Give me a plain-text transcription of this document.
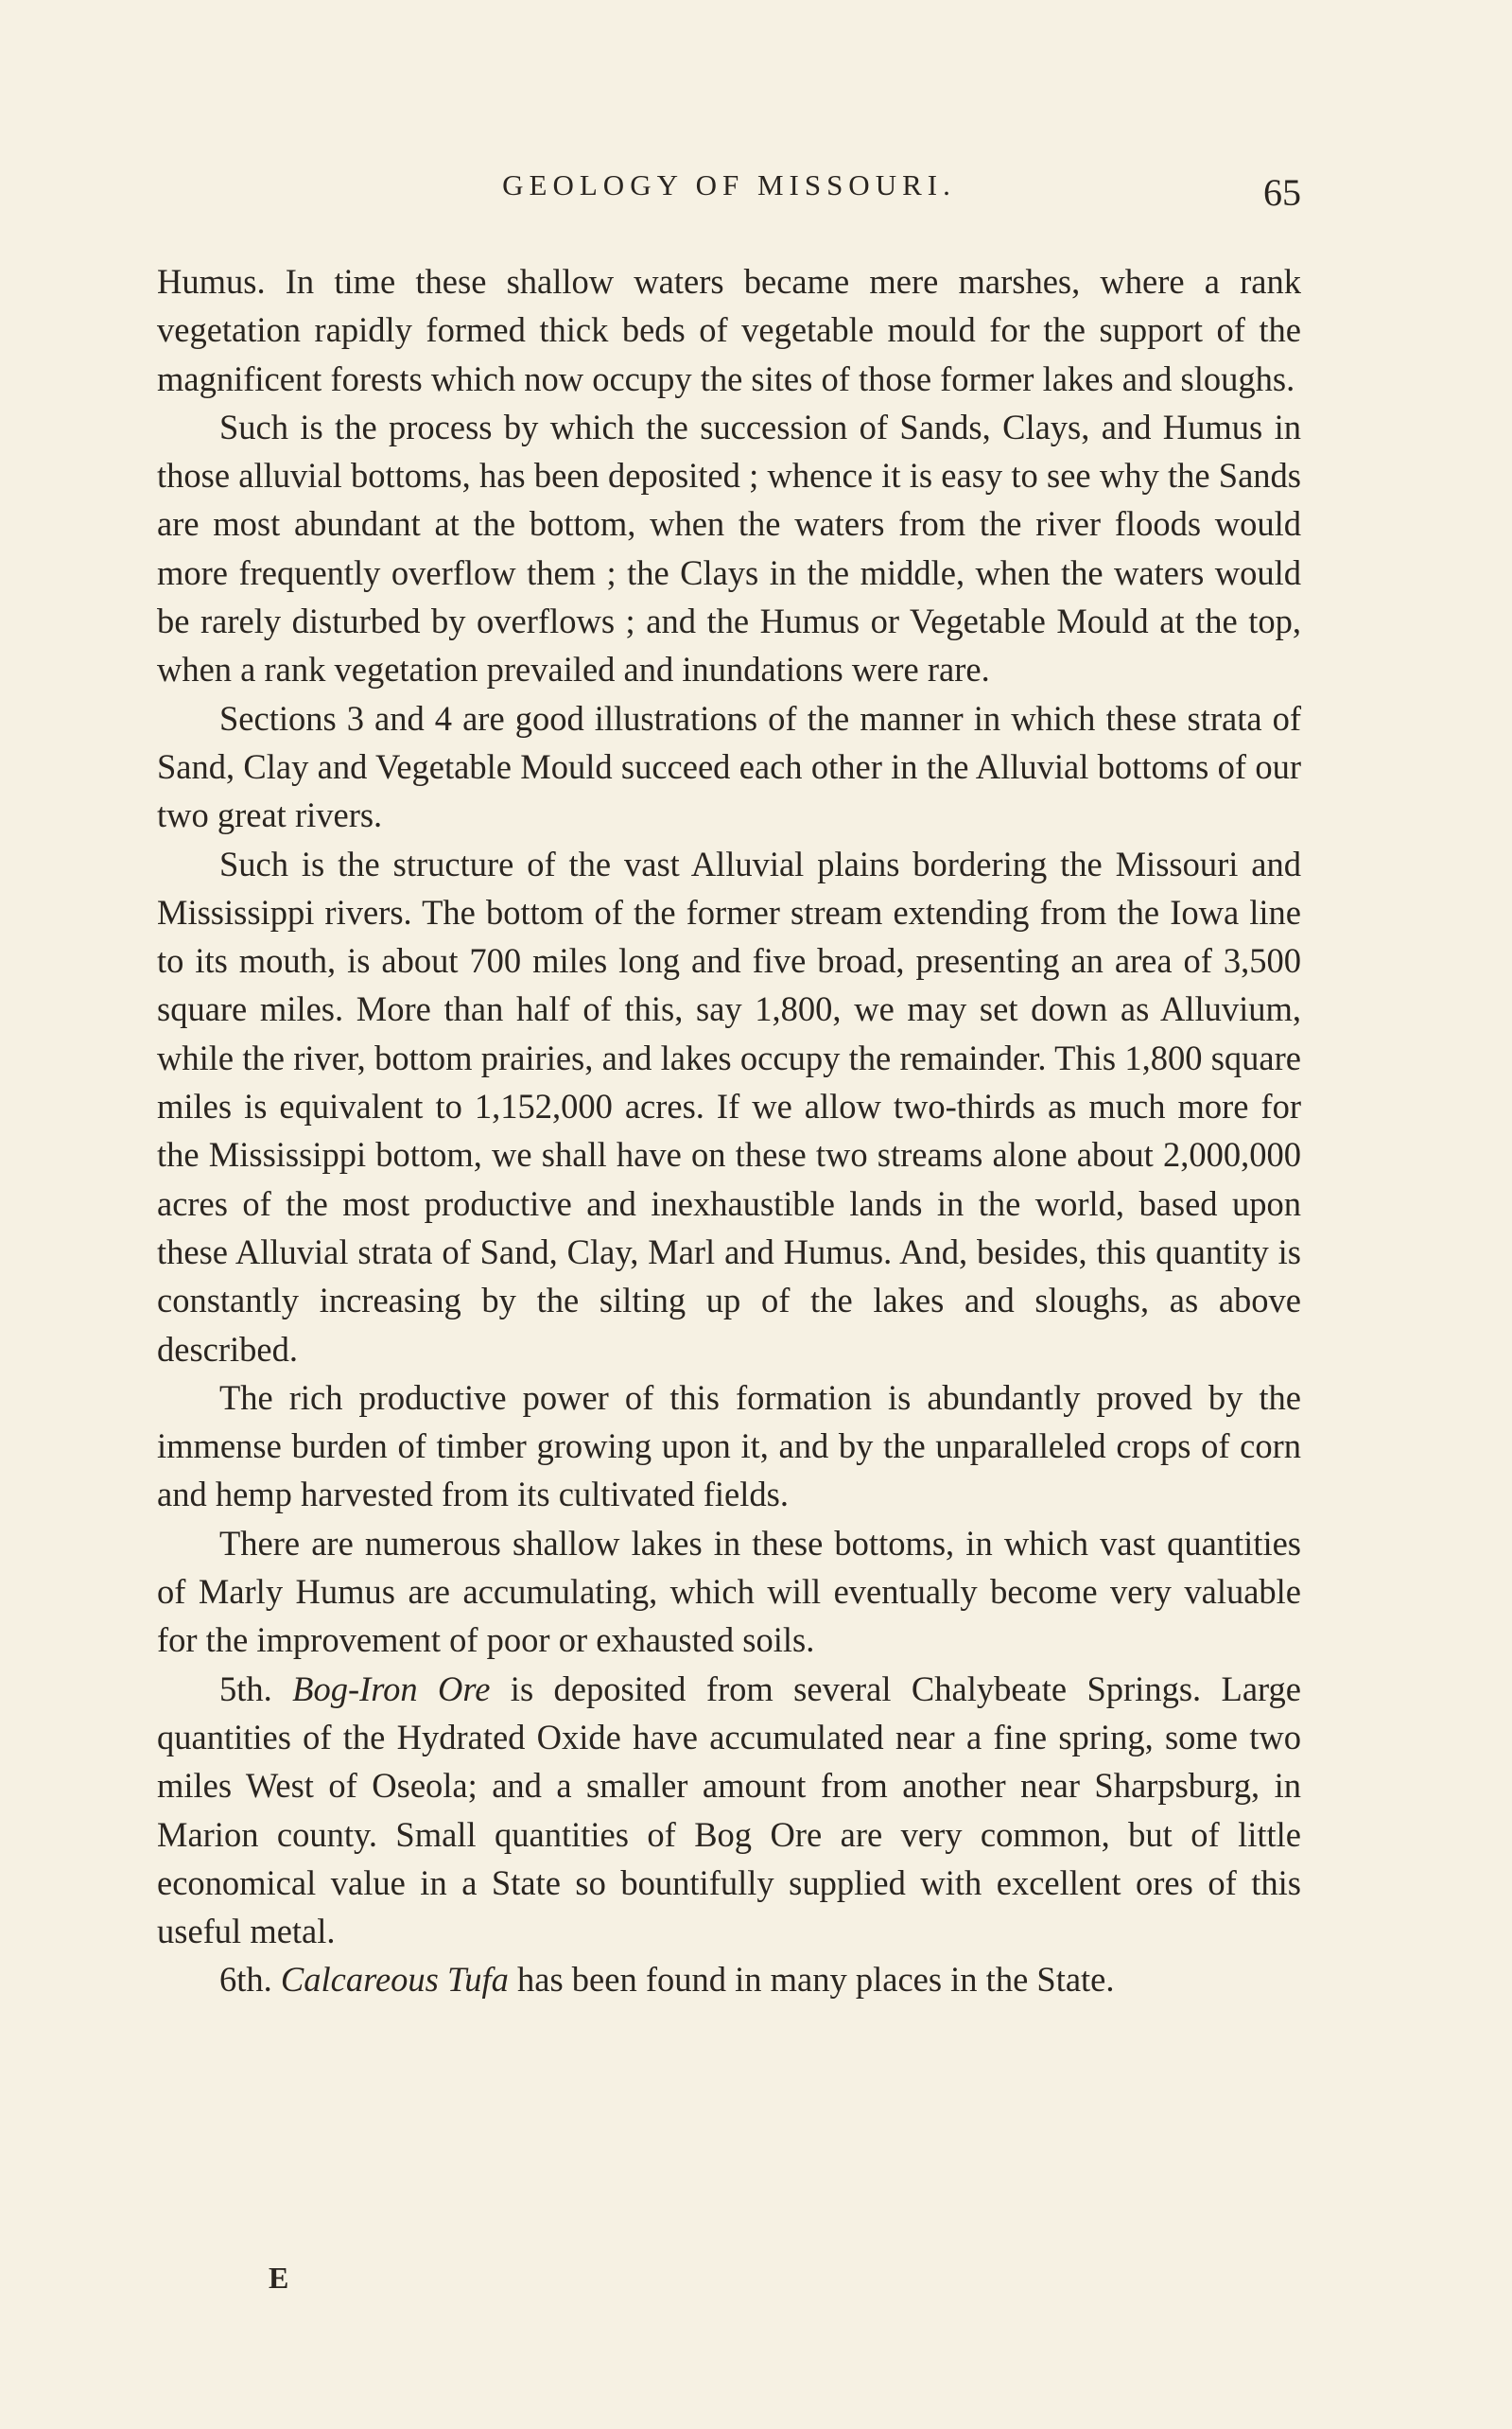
GEOLOGY OF MISSOURI.	65

Humus. In time these shallow waters became mere marshes, where a rank vegetation rapidly formed thick beds of vegetable mould for the support of the magnificent forests which now occupy the sites of those former lakes and sloughs.

Such is the process by which the succession of Sands, Clays, and Humus in those alluvial bottoms, has been deposited ; whence it is easy to see why the Sands are most abundant at the bottom, when the waters from the river floods would more frequently overflow them ; the Clays in the middle, when the waters would be rarely disturbed by overflows ; and the Humus or Vegetable Mould at the top, when a rank vegetation prevailed and inundations were rare.

Sections 3 and 4 are good illustrations of the manner in which these strata of Sand, Clay and Vegetable Mould succeed each other in the Alluvial bottoms of our two great rivers.

Such is the structure of the vast Alluvial plains bordering the Missouri and Mississippi rivers. The bottom of the former stream extending from the Iowa line to its mouth, is about 700 miles long and five broad, presenting an area of 3,500 square miles. More than half of this, say 1,800, we may set down as Alluvium, while the river, bottom prairies, and lakes occupy the remainder. This 1,800 square miles is equivalent to 1,152,000 acres. If we allow two-thirds as much more for the Mississippi bottom, we shall have on these two streams alone about 2,000,000 acres of the most productive and inexhaustible lands in the world, based upon these Alluvial strata of Sand, Clay, Marl and Humus. And, besides, this quantity is constantly increasing by the silting up of the lakes and sloughs, as above described.

The rich productive power of this formation is abundantly proved by the immense burden of timber growing upon it, and by the unparalleled crops of corn and hemp harvested from its cultivated fields.

There are numerous shallow lakes in these bottoms, in which vast quantities of Marly Humus are accumulating, which will eventually become very valuable for the improvement of poor or exhausted soils.

5th. Bog-Iron Ore is deposited from several Chalybeate Springs. Large quantities of the Hydrated Oxide have accumulated near a fine spring, some two miles West of Oseola; and a smaller amount from another near Sharpsburg, in Marion county. Small quantities of Bog Ore are very common, but of little economical value in a State so bountifully supplied with excellent ores of this useful metal.

6th. Calcareous Tufa has been found in many places in the State.

E
